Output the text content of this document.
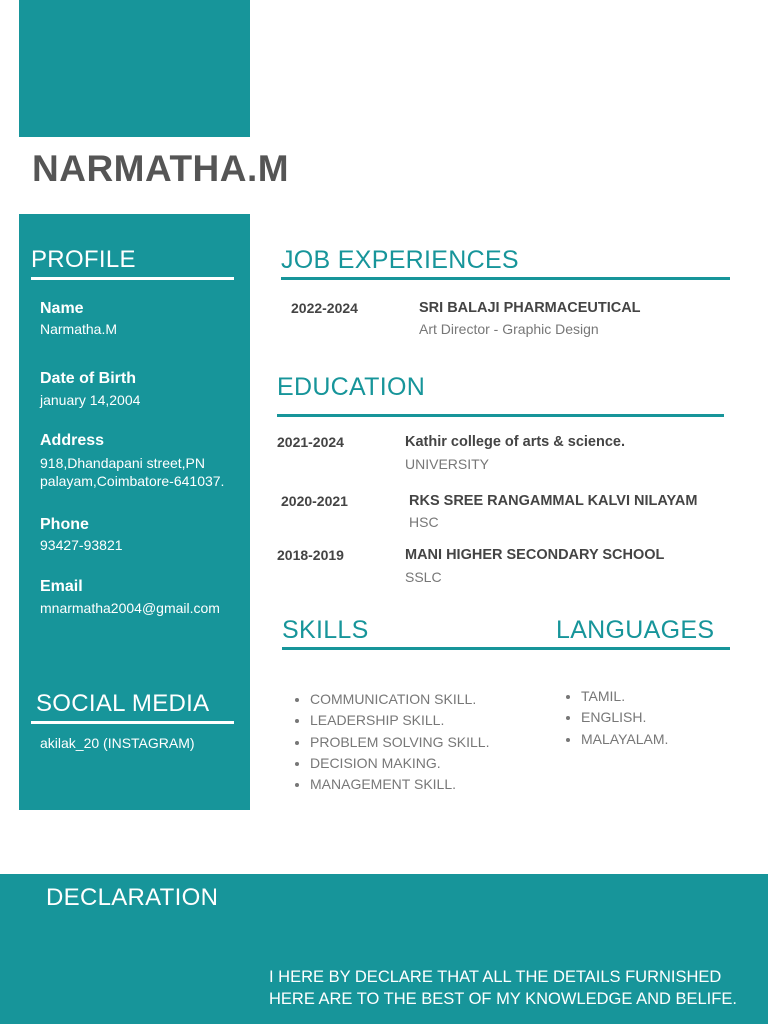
NARMATHA.M
PROFILE
Name
Narmatha.M
Date of Birth
january 14,2004
Address
918,Dhandapani street,PN
palayam,Coimbatore-641037.
Phone
93427-93821
Email
mnarmatha2004@gmail.com
SOCIAL MEDIA
akilak_20 (INSTAGRAM)
JOB EXPERIENCES
2022-2024	SRI BALAJI PHARMACEUTICAL
Art Director - Graphic Design
EDUCATION
2021-2024	Kathir college of arts & science.
UNIVERSITY
2020-2021	RKS SREE RANGAMMAL KALVI NILAYAM
HSC
2018-2019	MANI HIGHER SECONDARY SCHOOL
SSLC
SKILLS	LANGUAGES
• COMMUNICATION SKILL.
• LEADERSHIP SKILL.
• PROBLEM SOLVING SKILL.
• DECISION MAKING.
• MANAGEMENT SKILL.
• TAMIL.
• ENGLISH.
• MALAYALAM.
DECLARATION
I HERE BY DECLARE THAT ALL THE DETAILS FURNISHED HERE ARE TO THE BEST OF MY KNOWLEDGE AND BELIFE.
